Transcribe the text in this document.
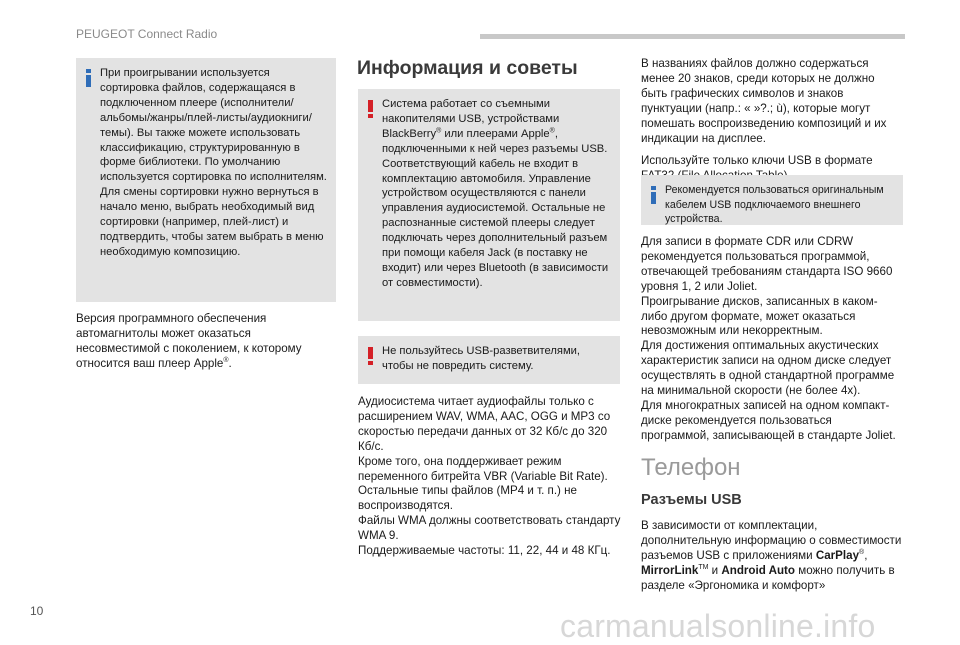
PEUGEOT Connect Radio
При проигрывании используется сортировка файлов, содержащаяся в подключенном плеере (исполнители/альбомы/жанры/плей-листы/аудиокниги/темы). Вы также можете использовать классификацию, структурированную в форме библиотеки. По умолчанию используется сортировка по исполнителям. Для смены сортировки нужно вернуться в начало меню, выбрать необходимый вид сортировки (например, плей-лист) и подтвердить, чтобы затем выбрать в меню необходимую композицию.
Версия программного обеспечения автомагнитолы может оказаться несовместимой с поколением, к которому относится ваш плеер Apple®.
Информация и советы
Система работает со съемными накопителями USB, устройствами BlackBerry® или плеерами Apple®, подключенными к ней через разъемы USB. Соответствующий кабель не входит в комплектацию автомобиля. Управление устройством осуществляются с панели управления аудиосистемой. Остальные не распознанные системой плееры следует подключать через дополнительный разъем при помощи кабеля Jack (в поставку не входит) или через Bluetooth (в зависимости от совместимости).
Не пользуйтесь USB-разветвителями, чтобы не повредить систему.

Аудиосистема читает аудиофайлы только с расширением WAV, WMA, AAC, OGG и MP3 со скоростью передачи данных от 32 Кб/с до 320 Кб/с.

Кроме того, она поддерживает режим переменного битрейта VBR (Variable Bit Rate).

Остальные типы файлов (MP4 и т. п.) не воспроизводятся.

Файлы WMA должны соответствовать стандарту WMA 9.

Поддерживаемые частоты: 11, 22, 44 и 48 КГц.

В названиях файлов должно содержаться менее 20 знаков, среди которых не должно быть графических символов и знаков пунктуации (напр.: « »?.; ù), которые могут помешать воспроизведению композиций и их индикации на дисплее.

Используйте только ключи USB в формате

Рекомендуется пользоваться оригинальным кабелем USB подключаемого внешнего устройства.

Для записи в формате CDR или CDRW рекомендуется пользоваться программой, отвечающей требованиям стандарта ISO 9660 уровня 1, 2 или Joliet.

Проигрывание дисков, записанных в каком-либо другом формате, может оказаться невозможным или некорректным.

Для достижения оптимальных акустических характеристик записи на одном диске следует осуществлять в одной стандартной программе на минимальной скорости (не более 4x).

Для многократных записей на одном компакт-диске рекомендуется пользоваться программой, записывающей в стандарте Joliet.

Телефон
Разъемы USB
В зависимости от комплектации, дополнительную информацию о совместимости разъемов USB с приложениями CarPlay®, MirrorLink™ и Android Auto можно получить в разделе «Эргономика и комфорт»
10	carmanualsonline.info
